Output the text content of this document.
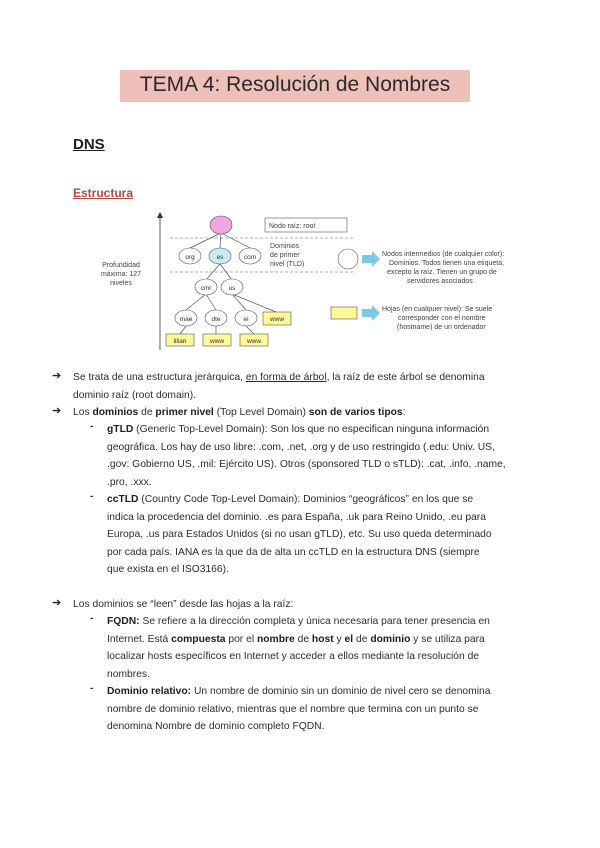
TEMA 4: Resolución de Nombres
DNS
Estructura
Profundidad
máxima: 127
niveles
Nodo raíz: root
org	es	com
Dominios
de primer
nivel (TLD)
cmr	us
mae	dte	ei	www
lilian	www	www
Nodos intermedios (de cualquier color):
Dominios. Todos tienen una etiqueta,
excepto la raíz. Tienen un grupo de
servidores asociados
Hojas (en cualquier nivel): Se suele
corresponder con el nombre
(hostname) de un ordenador
➔ Se trata de una estructura jerárquica, en forma de árbol, la raíz de este árbol se denomina
dominio raíz (root domain).
➔ Los dominios de primer nivel (Top Level Domain) son de varios tipos:
- gTLD (Generic Top-Level Domain): Son los que no especifican ninguna información
geográfica. Los hay de uso libre: .com, .net, .org y de uso restringido (.edu: Univ. US,
.gov: Gobierno US, .mil: Ejército US). Otros (sponsored TLD o sTLD): .cat, .info, .name,
.pro, .xxx.
- ccTLD (Country Code Top-Level Domain): Dominios “geográficos” en los que se
indica la procedencia del dominio. .es para España, .uk para Reino Unido, .eu para
Europa, .us para Estados Unidos (si no usan gTLD), etc. Su uso queda determinado
por cada país. IANA es la que da de alta un ccTLD en la estructura DNS (siempre
que exista en el ISO3166).
➔ Los dominios se “leen” desde las hojas a la raíz:
- FQDN: Se refiere a la dirección completa y única necesaria para tener presencia en
Internet. Está compuesta por el nombre de host y el de dominio y se utiliza para
localizar hosts específicos en Internet y acceder a ellos mediante la resolución de
nombres.
- Dominio relativo: Un nombre de dominio sin un dominio de nivel cero se denomina
nombre de dominio relativo, mientras que el nombre que termina con un punto se
denomina Nombre de dominio completo FQDN.
